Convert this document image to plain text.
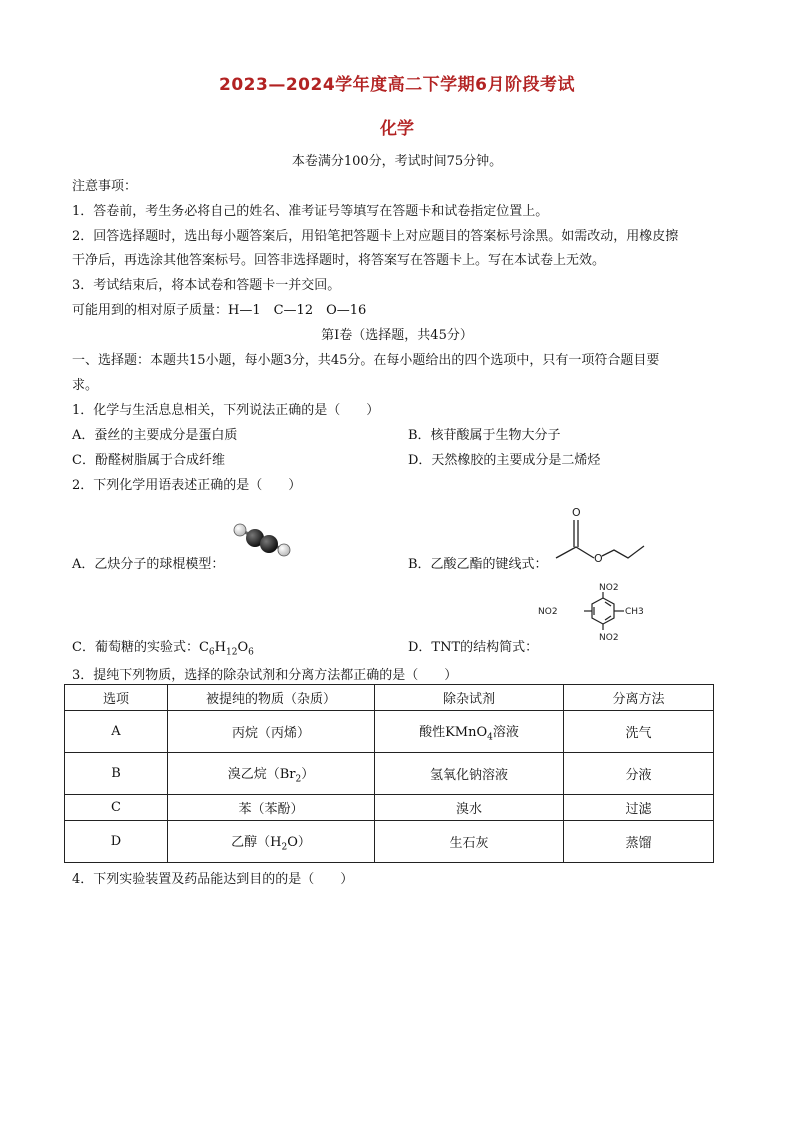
2023—2024学年度高二下学期6月阶段考试
化学
本卷满分100分，考试时间75分钟。
注意事项：
1．答卷前，考生务必将自己的姓名、准考证号等填写在答题卡和试卷指定位置上。
2．回答选择题时，选出每小题答案后，用铅笔把答题卡上对应题目的答案标号涂黑。如需改动，用橡皮擦
干净后，再选涂其他答案标号。回答非选择题时，将答案写在答题卡上。写在本试卷上无效。
3．考试结束后，将本试卷和答题卡一并交回。
可能用到的相对原子质量：H—1　C—12　O—16
第Ⅰ卷（选择题，共45分）
一、选择题：本题共15小题，每小题3分，共45分。在每小题给出的四个选项中，只有一项符合题目要
求。
1．化学与生活息息相关，下列说法正确的是（　　）
A．蚕丝的主要成分是蛋白质	B．核苷酸属于生物大分子
C．酚醛树脂属于合成纤维	D．天然橡胶的主要成分是二烯烃
2．下列化学用语表述正确的是（　　）
A．乙炔分子的球棍模型：	B．乙酸乙酯的键线式：
O
O
C．葡萄糖的实验式：$C_6H_{12}O_6$	D．TNT的结构简式：
NO2
NO2
NO2
CH3
3．提纯下列物质，选择的除杂试剂和分离方法都正确的是（　　）
选项	被提纯的物质（杂质）	除杂试剂	分离方法
A	丙烷（丙烯）	酸性KMnO$_4$溶液	洗气
B	溴乙烷$(Br_2)$	氢氧化钠溶液	分液
C	苯（苯酚）	溴水	过滤
D	乙醇$(H_2O)$	生石灰	蒸馏
4．下列实验装置及药品能达到目的的是（　　）
